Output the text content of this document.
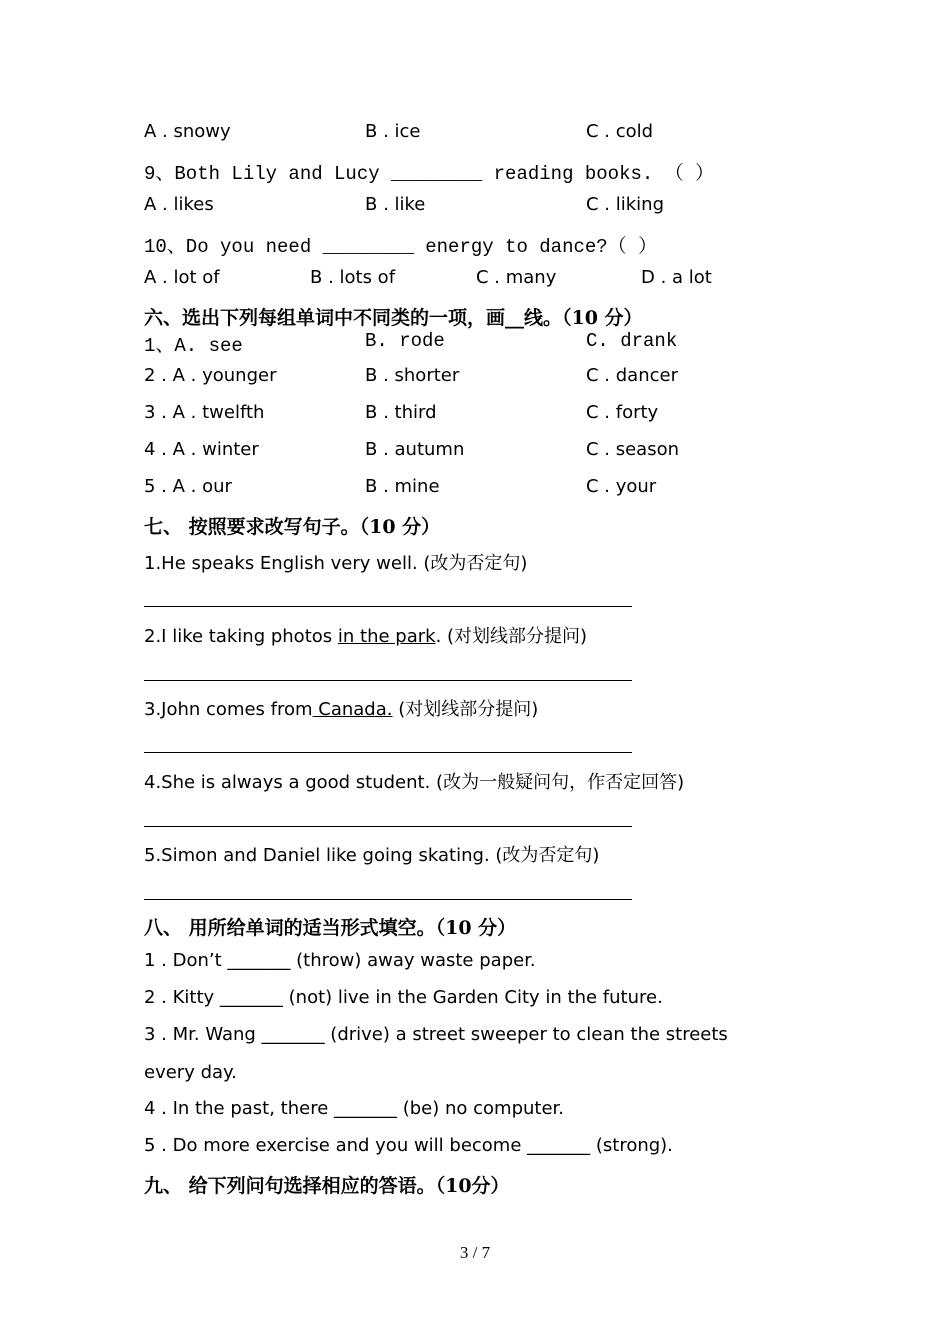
A . snowy	B . ice	C . cold
9、Both Lily and Lucy ________ reading books. （ ）
A . likes	B . like	C . liking
10、Do you need ________ energy to dance?（ ）
A . lot of	B . lots of	C . many	D . a lot
六、选出下列每组单词中不同类的一项，画__线。（10 分）
1、A. see	B. rode	C. drank
2 . A . younger	B . shorter	C . dancer
3 . A . twelfth	B . third	C . forty
4 . A . winter	B . autumn	C . season
5 . A . our	B . mine	C . your
七、 按照要求改写句子。（10 分）
1.He speaks English very well. (改为否定句)
2.I like taking photos in the park. (对划线部分提问)
3.John comes from Canada. (对划线部分提问)
4.She is always a good student. (改为一般疑问句，作否定回答)
5.Simon and Daniel like going skating. (改为否定句)
八、 用所给单词的适当形式填空。（10 分）
1 . Don’t _______ (throw) away waste paper.
2 . Kitty _______ (not) live in the Garden City in the future.
3 . Mr. Wang _______ (drive) a street sweeper to clean the streets
every day.
4 . In the past, there _______ (be) no computer.
5 . Do more exercise and you will become _______ (strong).
九、 给下列问句选择相应的答语。（10分）
3 / 7
